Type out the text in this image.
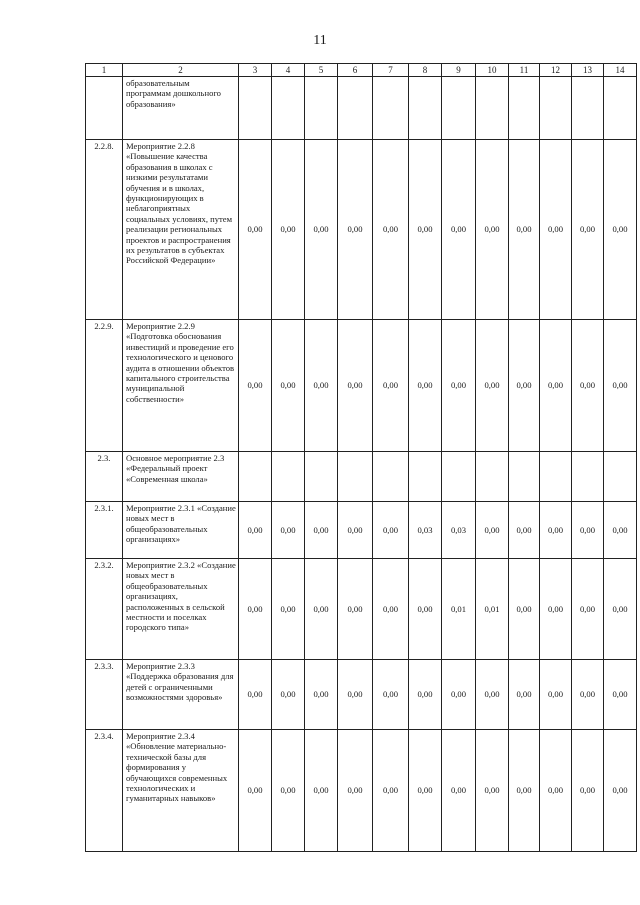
11
1	2	3	4	5	6	7	8	9	10	11	12	13	14
	образовательным программам дошкольного образования»												
2.2.8.	Мероприятие 2.2.8 «Повышение качества образования в школах с низкими результатами обучения и в школах, функционирующих в неблагоприятных социальных условиях, путем реализации региональных проектов и распространения их результатов в субъектах Российской Федерации»	0,00	0,00	0,00	0,00	0,00	0,00	0,00	0,00	0,00	0,00	0,00	0,00
2.2.9.	Мероприятие 2.2.9 «Подготовка обоснования инвестиций и проведение его технологического и ценового аудита в отношении объектов капитального строительства муниципальной собственности»	0,00	0,00	0,00	0,00	0,00	0,00	0,00	0,00	0,00	0,00	0,00	0,00
2.3.	Основное мероприятие 2.3 «Федеральный проект «Современная школа»												
2.3.1.	Мероприятие 2.3.1 «Создание новых мест в общеобразовательных организациях»	0,00	0,00	0,00	0,00	0,00	0,03	0,03	0,00	0,00	0,00	0,00	0,00
2.3.2.	Мероприятие 2.3.2 «Создание новых мест в общеобразовательных организациях, расположенных в сельской местности и поселках городского типа»	0,00	0,00	0,00	0,00	0,00	0,00	0,01	0,01	0,00	0,00	0,00	0,00
2.3.3.	Мероприятие 2.3.3 «Поддержка образования для детей с ограниченными возможностями здоровья»	0,00	0,00	0,00	0,00	0,00	0,00	0,00	0,00	0,00	0,00	0,00	0,00
2.3.4.	Мероприятие 2.3.4 «Обновление материально-технической базы для формирования у обучающихся современных технологических и гуманитарных навыков»	0,00	0,00	0,00	0,00	0,00	0,00	0,00	0,00	0,00	0,00	0,00	0,00
